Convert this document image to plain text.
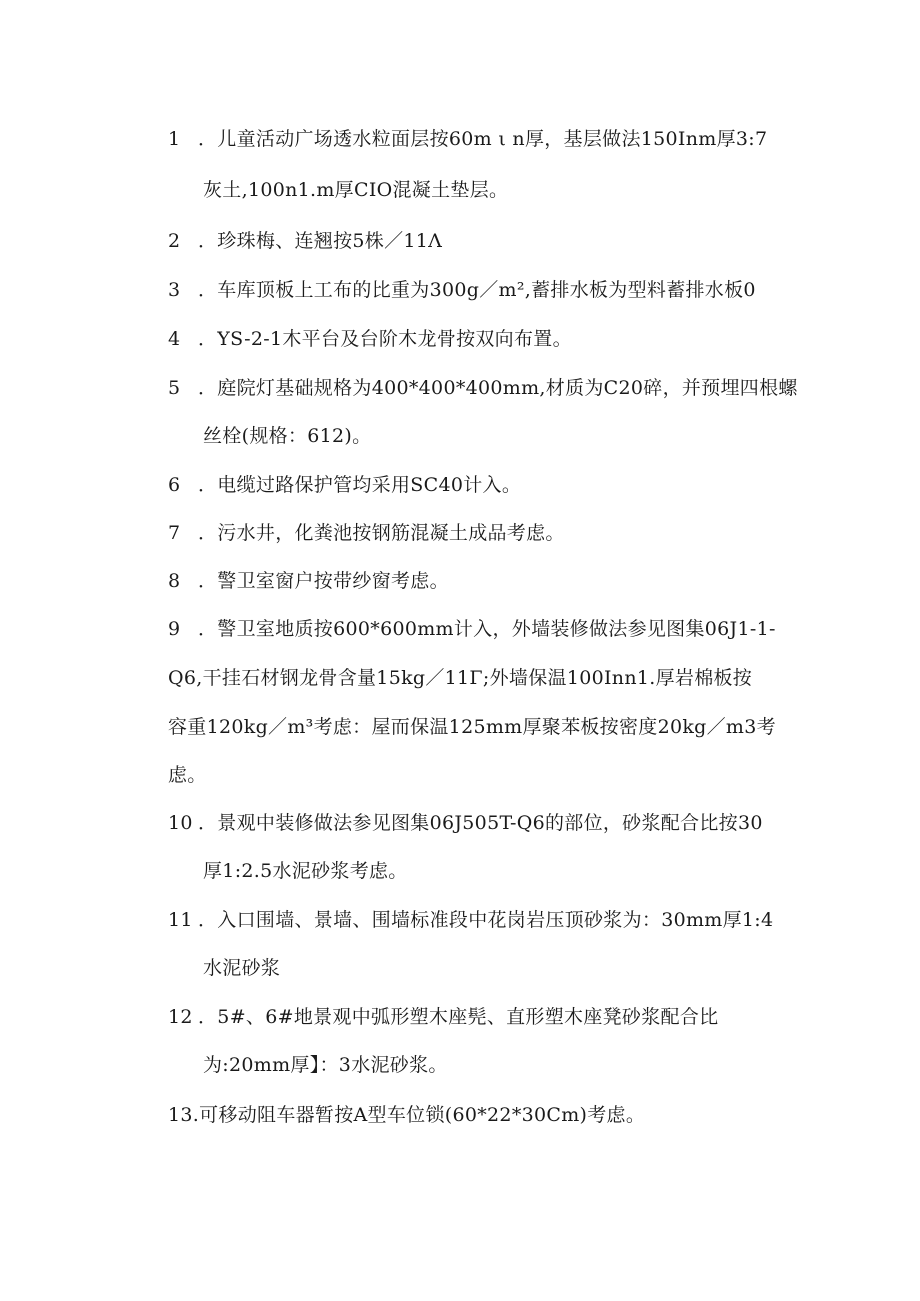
1 ．儿童活动广场透水粒面层按60m ι n厚，基层做法150Inm厚3:7
灰土,100n1.m厚CIO混凝土垫层。
2 ．珍珠梅、连翘按5株／11Λ
3 ．车库顶板上工布的比重为300g／m²,蓄排水板为型料蓄排水板0
4 ．YS-2-1木平台及台阶木龙骨按双向布置。
5 ．庭院灯基础规格为400*400*400mm,材质为C20碎，并预埋四根螺
丝栓(规格：612)。
6 ．电缆过路保护管均采用SC40计入。
7 ．污水井，化粪池按钢筋混凝土成品考虑。
8 ．警卫室窗户按带纱窗考虑。
9 ．警卫室地质按600*600mm计入，外墙装修做法参见图集06J1-1-
Q6,干挂石材钢龙骨含量15kg／11Γ;外墙保温100Inn1.厚岩棉板按
容重120kg／m³考虑：屋而保温125mm厚聚苯板按密度20kg／m3考
虑。
10 ．景观中装修做法参见图集06J505T-Q6的部位，砂浆配合比按30
厚1:2.5水泥砂浆考虑。
11 ．入口围墙、景墙、围墙标准段中花岗岩压顶砂浆为：30mm厚1:4
水泥砂浆
12 ．5#、6#地景观中弧形塑木座髡、直形塑木座凳砂浆配合比
为:20mm厚】：3水泥砂浆。
13.可移动阻车器暂按A型车位锁(60*22*30Cm)考虑。
